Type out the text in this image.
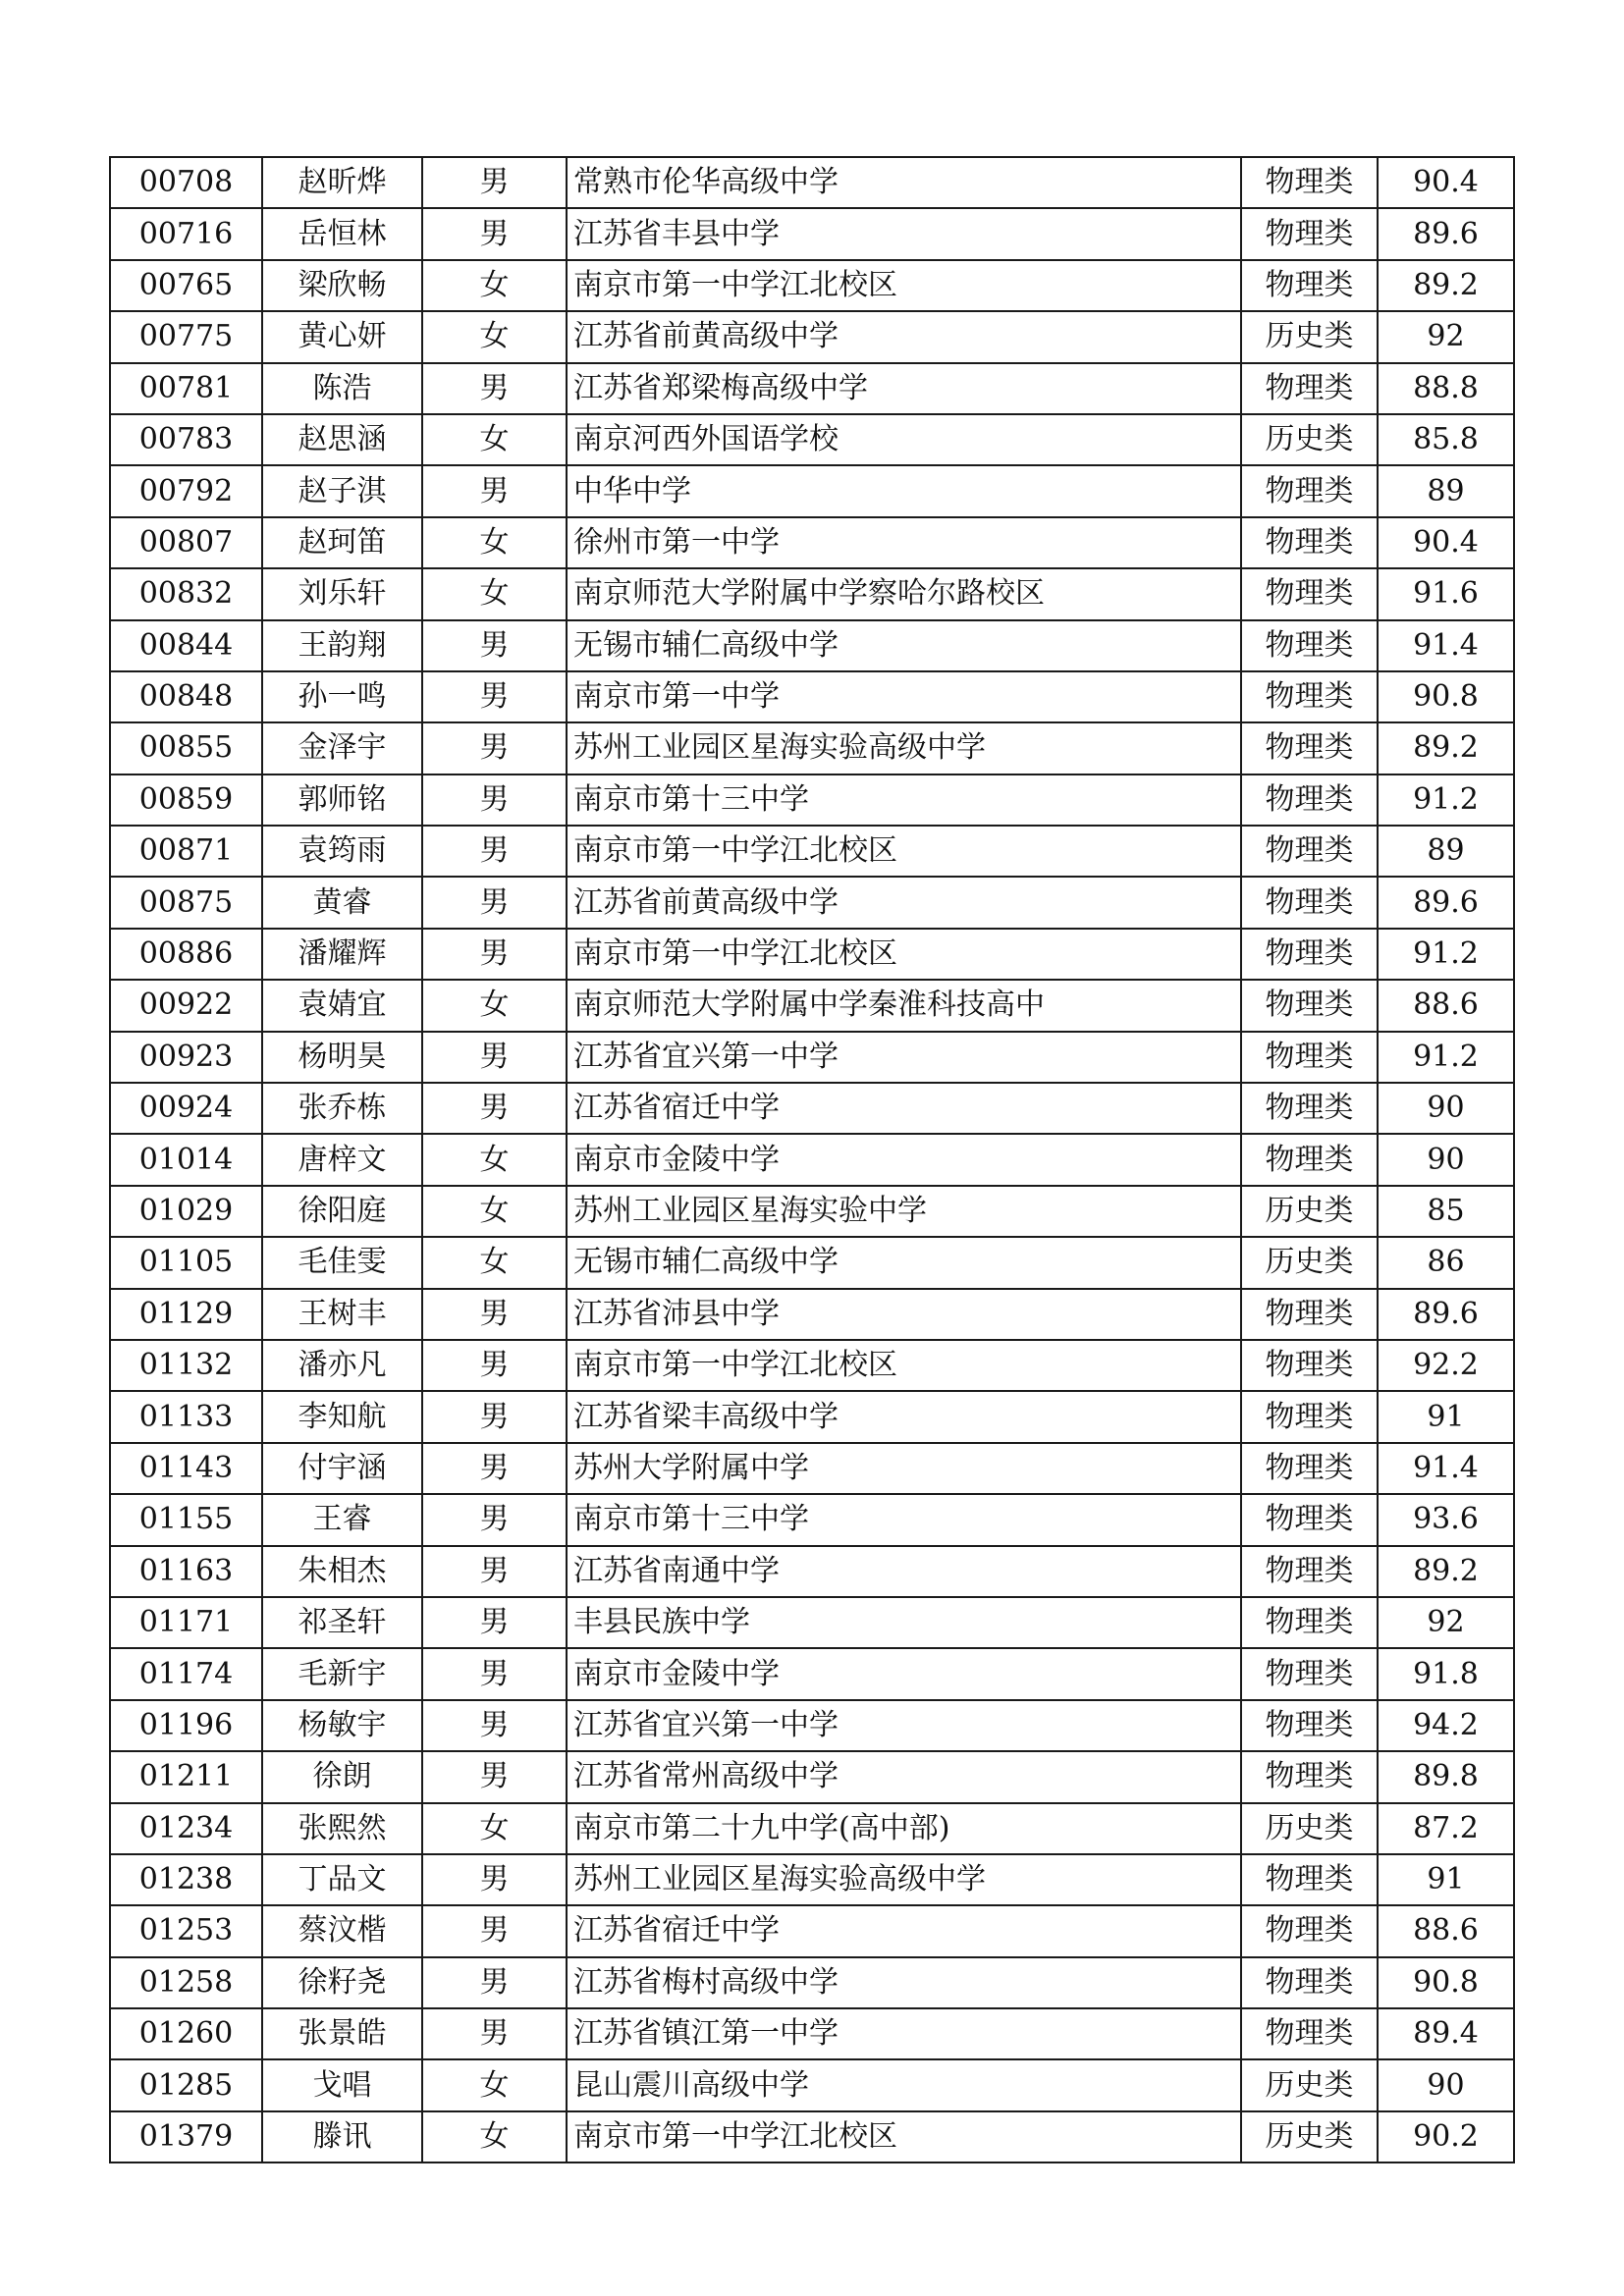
00708	赵昕烨	男	常熟市伦华高级中学	物理类	90.4
00716	岳恒林	男	江苏省丰县中学	物理类	89.6
00765	梁欣畅	女	南京市第一中学江北校区	物理类	89.2
00775	黄心妍	女	江苏省前黄高级中学	历史类	92
00781	陈浩	男	江苏省郑梁梅高级中学	物理类	88.8
00783	赵思涵	女	南京河西外国语学校	历史类	85.8
00792	赵子淇	男	中华中学	物理类	89
00807	赵珂笛	女	徐州市第一中学	物理类	90.4
00832	刘乐轩	女	南京师范大学附属中学察哈尔路校区	物理类	91.6
00844	王韵翔	男	无锡市辅仁高级中学	物理类	91.4
00848	孙一鸣	男	南京市第一中学	物理类	90.8
00855	金泽宇	男	苏州工业园区星海实验高级中学	物理类	89.2
00859	郭师铭	男	南京市第十三中学	物理类	91.2
00871	袁筠雨	男	南京市第一中学江北校区	物理类	89
00875	黄睿	男	江苏省前黄高级中学	物理类	89.6
00886	潘耀辉	男	南京市第一中学江北校区	物理类	91.2
00922	袁婧宜	女	南京师范大学附属中学秦淮科技高中	物理类	88.6
00923	杨明昊	男	江苏省宜兴第一中学	物理类	91.2
00924	张乔栋	男	江苏省宿迁中学	物理类	90
01014	唐梓文	女	南京市金陵中学	物理类	90
01029	徐阳庭	女	苏州工业园区星海实验中学	历史类	85
01105	毛佳雯	女	无锡市辅仁高级中学	历史类	86
01129	王树丰	男	江苏省沛县中学	物理类	89.6
01132	潘亦凡	男	南京市第一中学江北校区	物理类	92.2
01133	李知航	男	江苏省梁丰高级中学	物理类	91
01143	付宇涵	男	苏州大学附属中学	物理类	91.4
01155	王睿	男	南京市第十三中学	物理类	93.6
01163	朱相杰	男	江苏省南通中学	物理类	89.2
01171	祁圣轩	男	丰县民族中学	物理类	92
01174	毛新宇	男	南京市金陵中学	物理类	91.8
01196	杨敏宇	男	江苏省宜兴第一中学	物理类	94.2
01211	徐朗	男	江苏省常州高级中学	物理类	89.8
01234	张熙然	女	南京市第二十九中学(高中部)	历史类	87.2
01238	丁品文	男	苏州工业园区星海实验高级中学	物理类	91
01253	蔡汶楷	男	江苏省宿迁中学	物理类	88.6
01258	徐籽尧	男	江苏省梅村高级中学	物理类	90.8
01260	张景皓	男	江苏省镇江第一中学	物理类	89.4
01285	戈唱	女	昆山震川高级中学	历史类	90
01379	滕讯	女	南京市第一中学江北校区	历史类	90.2
